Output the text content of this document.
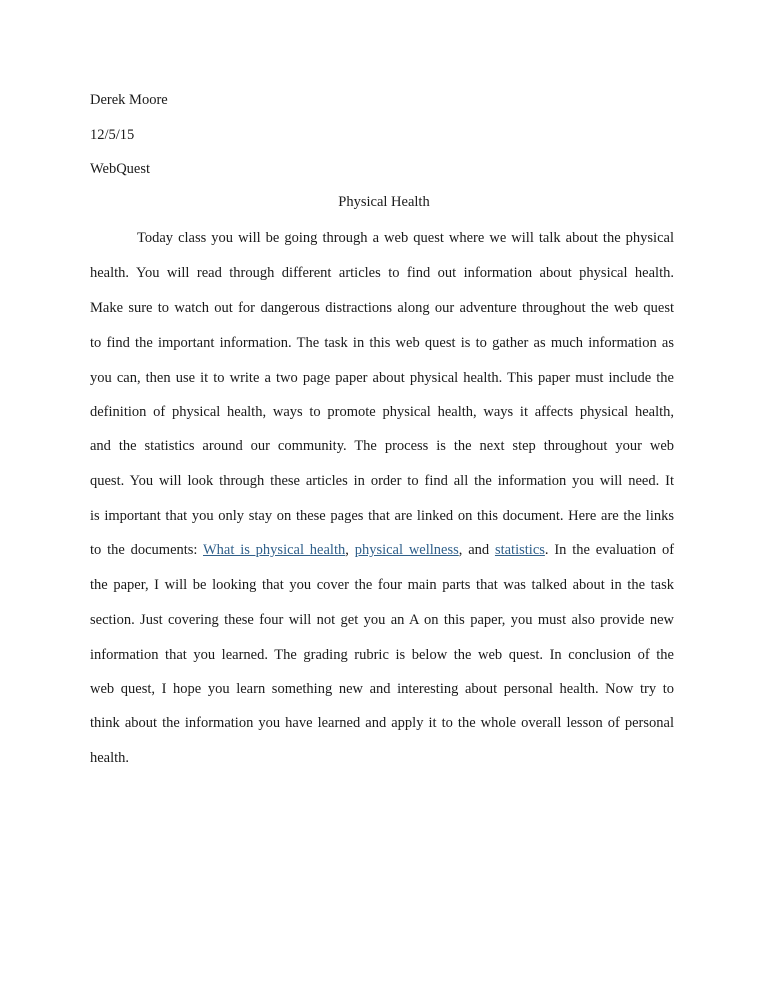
Derek Moore
12/5/15
WebQuest
Physical Health
Today class you will be going through a web quest where we will talk about the physical
health. You will read through different articles to find out information about physical health.
Make sure to watch out for dangerous distractions along our adventure throughout the web quest
to find the important information. The task in this web quest is to gather as much information as
you can, then use it to write a two page paper about physical health. This paper must include the
definition of physical health, ways to promote physical health, ways it affects physical health,
and the statistics around our community. The process is the next step throughout your web
quest. You will look through these articles in order to find all the information you will need. It
is important that you only stay on these pages that are linked on this document. Here are the links
to the documents: What is physical health, physical wellness, and statistics. In the evaluation of
the paper, I will be looking that you cover the four main parts that was talked about in the task
section. Just covering these four will not get you an A on this paper, you must also provide new
information that you learned. The grading rubric is below the web quest. In conclusion of the
web quest, I hope you learn something new and interesting about personal health. Now try to
think about the information you have learned and apply it to the whole overall lesson of personal
health.
